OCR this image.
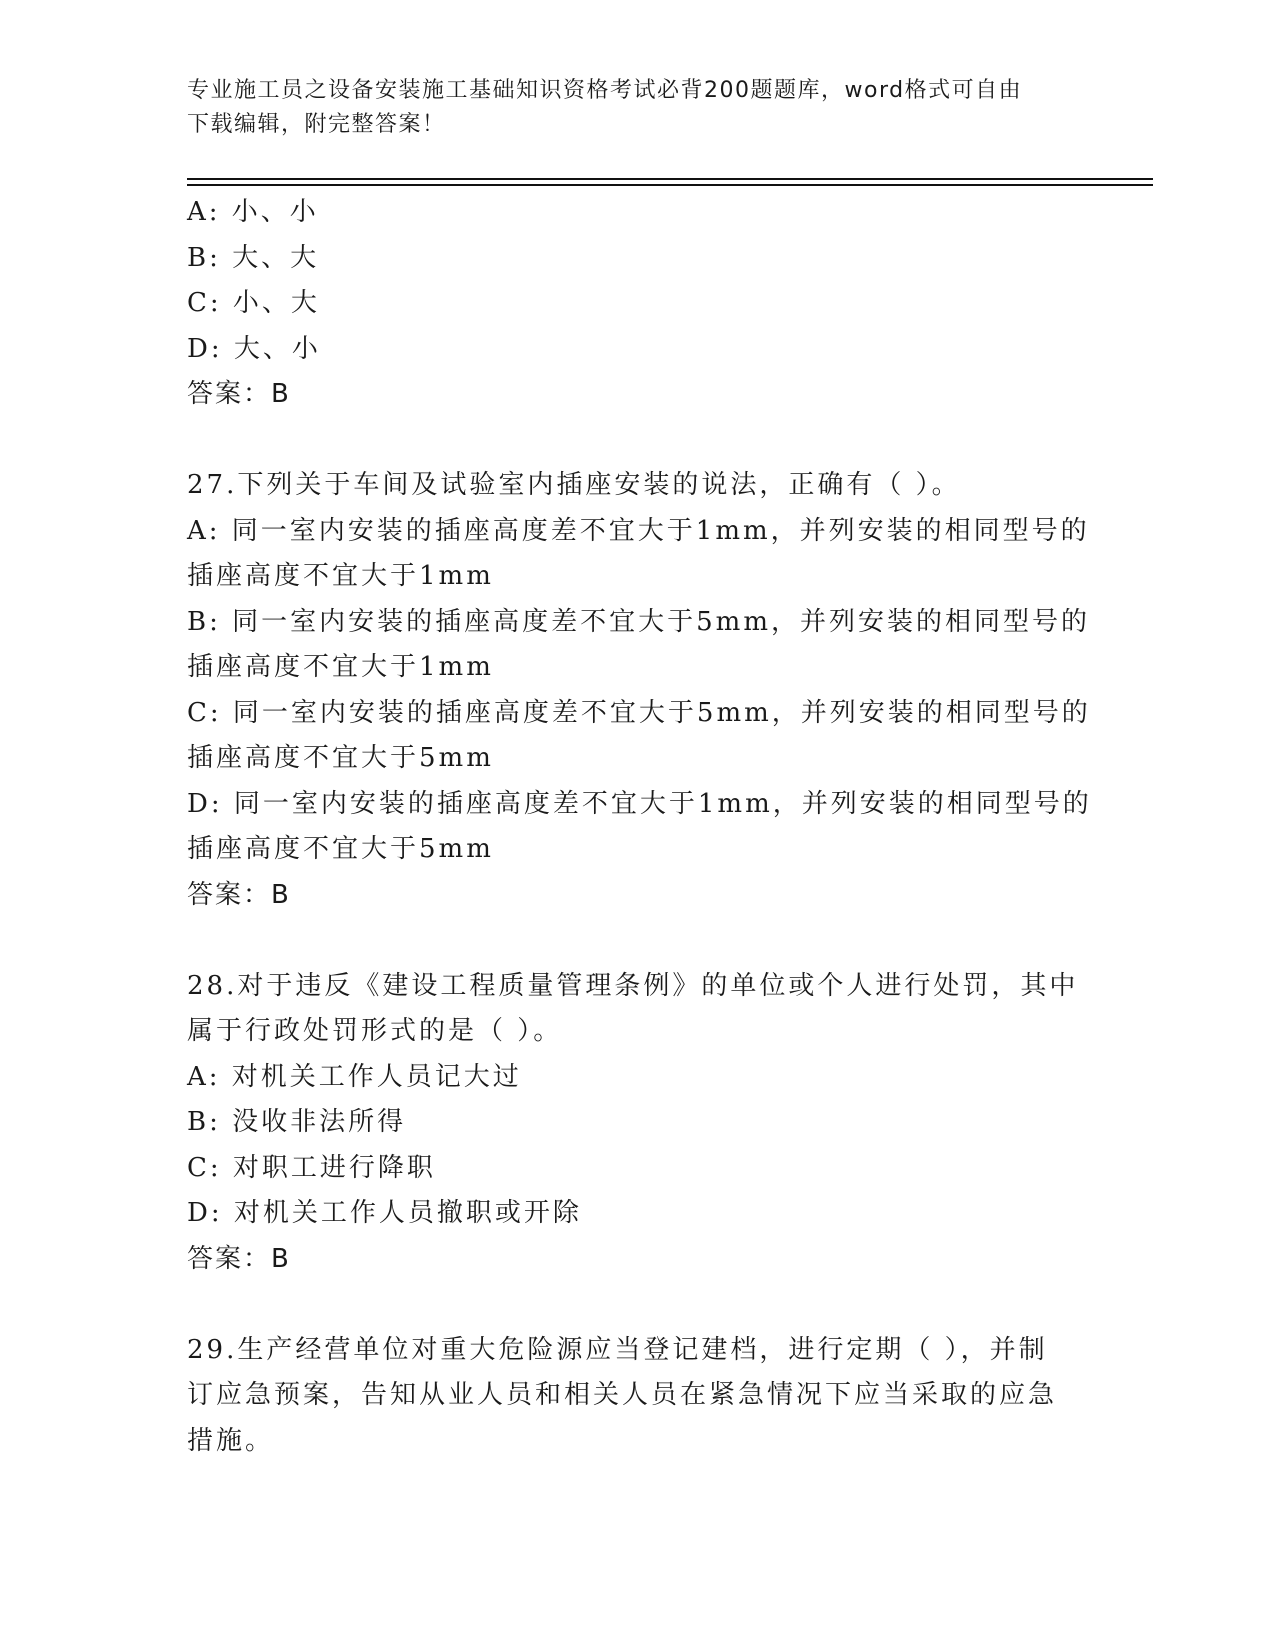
专业施工员之设备安装施工基础知识资格考试必背200题题库，word格式可自由
下载编辑，附完整答案！
A: 小、小
B: 大、大
C: 小、大
D: 大、小
答案：B
27.下列关于车间及试验室内插座安装的说法，正确有（ ）。
A: 同一室内安装的插座高度差不宜大于1mm，并列安装的相同型号的
插座高度不宜大于1mm
B: 同一室内安装的插座高度差不宜大于5mm，并列安装的相同型号的
插座高度不宜大于1mm
C: 同一室内安装的插座高度差不宜大于5mm，并列安装的相同型号的
插座高度不宜大于5mm
D: 同一室内安装的插座高度差不宜大于1mm，并列安装的相同型号的
插座高度不宜大于5mm
答案：B
28.对于违反《建设工程质量管理条例》的单位或个人进行处罚，其中
属于行政处罚形式的是（ ）。
A: 对机关工作人员记大过
B: 没收非法所得
C: 对职工进行降职
D: 对机关工作人员撤职或开除
答案：B
29.生产经营单位对重大危险源应当登记建档，进行定期（ ），并制
订应急预案，告知从业人员和相关人员在紧急情况下应当采取的应急
措施。
